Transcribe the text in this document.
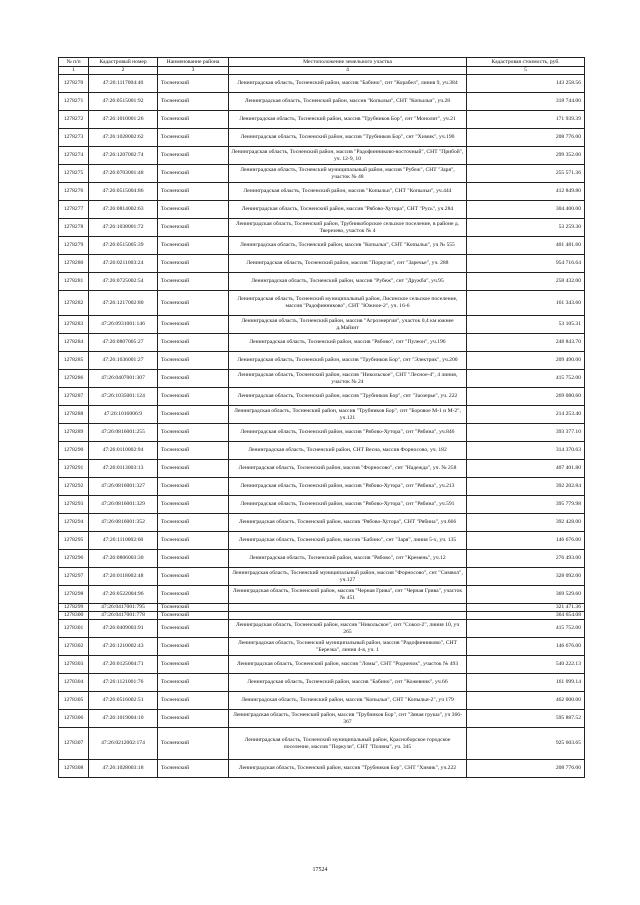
№ п/п	Кадастровый номер	Наименование района	Местоположение земельного участка	Кадастровая стоимость, руб.
1	2	3	4	5
1278270	47:26:1117004:40	Тосненский	Ленинградская область, Тосненский район, массив "Бабино", снт "Корабел", линия 9, уч.384	143 258.56
1278271	47:26:0515001:92	Тосненский	Ленинградская область, Тосненский район, массив "Копыльи", СНТ "Копыльи", уч.28	318 744.00
1278272	47:26:1010001:26	Тосненский	Ленинградская область, Тосненский район, массив "Трубников Бор", снт "Монолит", уч.21	171 939.39
1278273	47:26:1028002:62	Тосненский	Ленинградская область, Тосненский район, массив "Трубников Бор", снт "Химик", уч.190	208 776.00
1278274	47:26:1207002:74	Тосненский	Ленинградская область, Тосненский район, массив "Радофинниково-восточный", СНТ "Прибой", уч. 12-9, 10	299 352.00
1278275	47:26:0703001:48	Тосненский	Ленинградская область, Тосненский муниципальный район, массив "Рубеж", СНТ "Заря", участок № 48	255 571.36
1278276	47:26:0515004:86	Тосненский	Ленинградская область, Тосненский район, массив "Копыльи", СНТ "Копыльи", уч.444	412 849.80
1278277	47:26:0814002:63	Тосненский	Ленинградская область, Тосненский район, массив "Рябово-Хутора", СНТ "Русь", уч.284	304 400.00
1278278	47:26:1038001:72	Тосненский	Ленинградская область, Тосненский район, Трубникоборское сельское поселение, в районе д. Тверезево, участок № 4	53 259.30
1278279	47:26:0515005:39	Тосненский	Ленинградская область, Тосненский район, массив "Копыльи", СНТ "Копыльи", уч № 555	401 481.60
1278280	47:26:0211003:24	Тосненский	Ленинградская область, Тосненский район, массив "Поркузи", снт "Заречье", уч. 288	954 716.64
1278281	47:26:0725002:54	Тосненский	Ленинградская область, Тосненский район, массив "Рубеж", снт "Дружба", уч.95	258 432.00
1278282	47:26:1217002:80	Тосненский	Ленинградская область, Тосненский муниципальный район, Лисинское сельское поселение, массив "Радофинниково", СНТ "Южное-2", уч. 16-6	161 343.60
1278283	47:26:0931001:146	Тосненский	Ленинградская область, Тосненский район, массив "Агроэнергия", участок 0,4 км южнее д.Майзит	53 105.31
1278284	47:26:0807005:27	Тосненский	Ленинградская область, Тосненский район, массив "Рябово", снт "Пулеон", уч.196	248 843.70
1278285	47:26:1036001:27	Тосненский	Ленинградская область, Тосненский район, массив "Трубников Бор", снт "Электрик", уч.200	209 490.00
1278286	47:26:0407001:307	Тосненский	Ленинградская область, Тосненский район, массив "Никольское", СНТ "Лесное-4", 4 линия, участок № 24	415 752.00
1278287	47:26:1035001:124	Тосненский	Ленинградская область, Тосненский район, массив "Трубников Бор", снт "Заозерье", уч. 222	269 080.60
1278288	47:26:1016006:9	Тосненский	Ленинградская область, Тосненский район, массив "Трубников Бор", снт "Боровое М-1 и М-2", уч.121	214 253.40
1278289	47:26:0816001:255	Тосненский	Ленинградская область, Тосненский район, массив "Рябово-Хутора", снт "Рябина", уч.846	393 377.10
1278290	47:26:0110002:94	Тосненский	Ленинградская область, Тосненский район, СНТ Весна, массив Форносово, уч. 182	314 370.63
1278291	47:26:0113003:13	Тосненский	Ленинградская область, Тосненский район, массив "Форносово", снт "Надежда", уч. № 258	407 401.80
1278292	47:26:0816001:327	Тосненский	Ленинградская область, Тосненский район, массив "Рябово-Хутора", снт "Рябина", уч.213	392 202.84
1278293	47:26:0816001:329	Тосненский	Ленинградская область, Тосненский район, массив "Рябово-Хутора", снт "Рябина", уч.591	395 779.98
1278294	47:26:0816001:352	Тосненский	Ленинградская область, Тосненский район, массив "Рябово-Хутора", СНТ "Рябина", уч.666	392 428.00
1278295	47:26:1110002:60	Тосненский	Ленинградская область, Тосненский район, массив "Бабино", снт "Заря", линия 5-х, уч. 135	146 676.00
1278296	47:26:0806003:30	Тосненский	Ленинградская область, Тосненский район, массив "Рябово", снт "Кремень", уч.12	276 493.00
1278297	47:26:0118002:48	Тосненский	Ленинградская область, Тосненский муниципальный район, массив "Форносово", снт "Символ", уч.127	328 092.00
1278298	47:26:0522004:96	Тосненский	Ленинградская область, Тосненский район, массив "Черная Грива", снт "Черная Грива", участок № 451	369 529.60
1278299	47:26:0417001:795	Тосненский		321 471.36
1278300	47:26:0417001:778	Тосненский		364 654.08
1278301	47:26:0409003:91	Тосненский	Ленинградская область, Тосненский район, массив "Никольское", снт "Сокол-2", линия 10, уч 265	415 752.00
1278302	47:26:1210002:43	Тосненский	Ленинградская область, Тосненский муниципальный район, массив "Радофинниково", СНТ "Березка", линия 4-я, уч. 1	146 676.00
1278303	47:26:0125004:71	Тосненский	Ленинградская область, Тосненский район, массив "Ломы", СНТ "Родничок", участок № 493	540 222.13
1278304	47:26:1121001:76	Тосненский	Ленинградская область, Тосненский район, массив "Бабино", снт "Кожевник", уч.66	161 099.14
1278305	47:26:0516002:51	Тосненский	Ленинградская область, Тосненский район, массив "Копыльи", СНТ "Копыльи-2", уч 179	462 000.00
1278306	47:26:1019004:10	Тосненский	Ленинградская область, Тосненский район, массив "Трубников Бор", снт "Зяная груша", уч 366-367	595 887.52
1278307	47:26:0212002:174	Тосненский	Ленинградская область, Тосненский муниципальный район, Красноборское городское поселение, массив "Поркузи", СНТ "Поляна", уч. 345	925 603.65
1278308	47:26:1028003:18	Тосненский	Ленинградская область, Тосненский район, массив "Трубников Бор", СНТ "Химик", уч.222	208 776.00
17524
